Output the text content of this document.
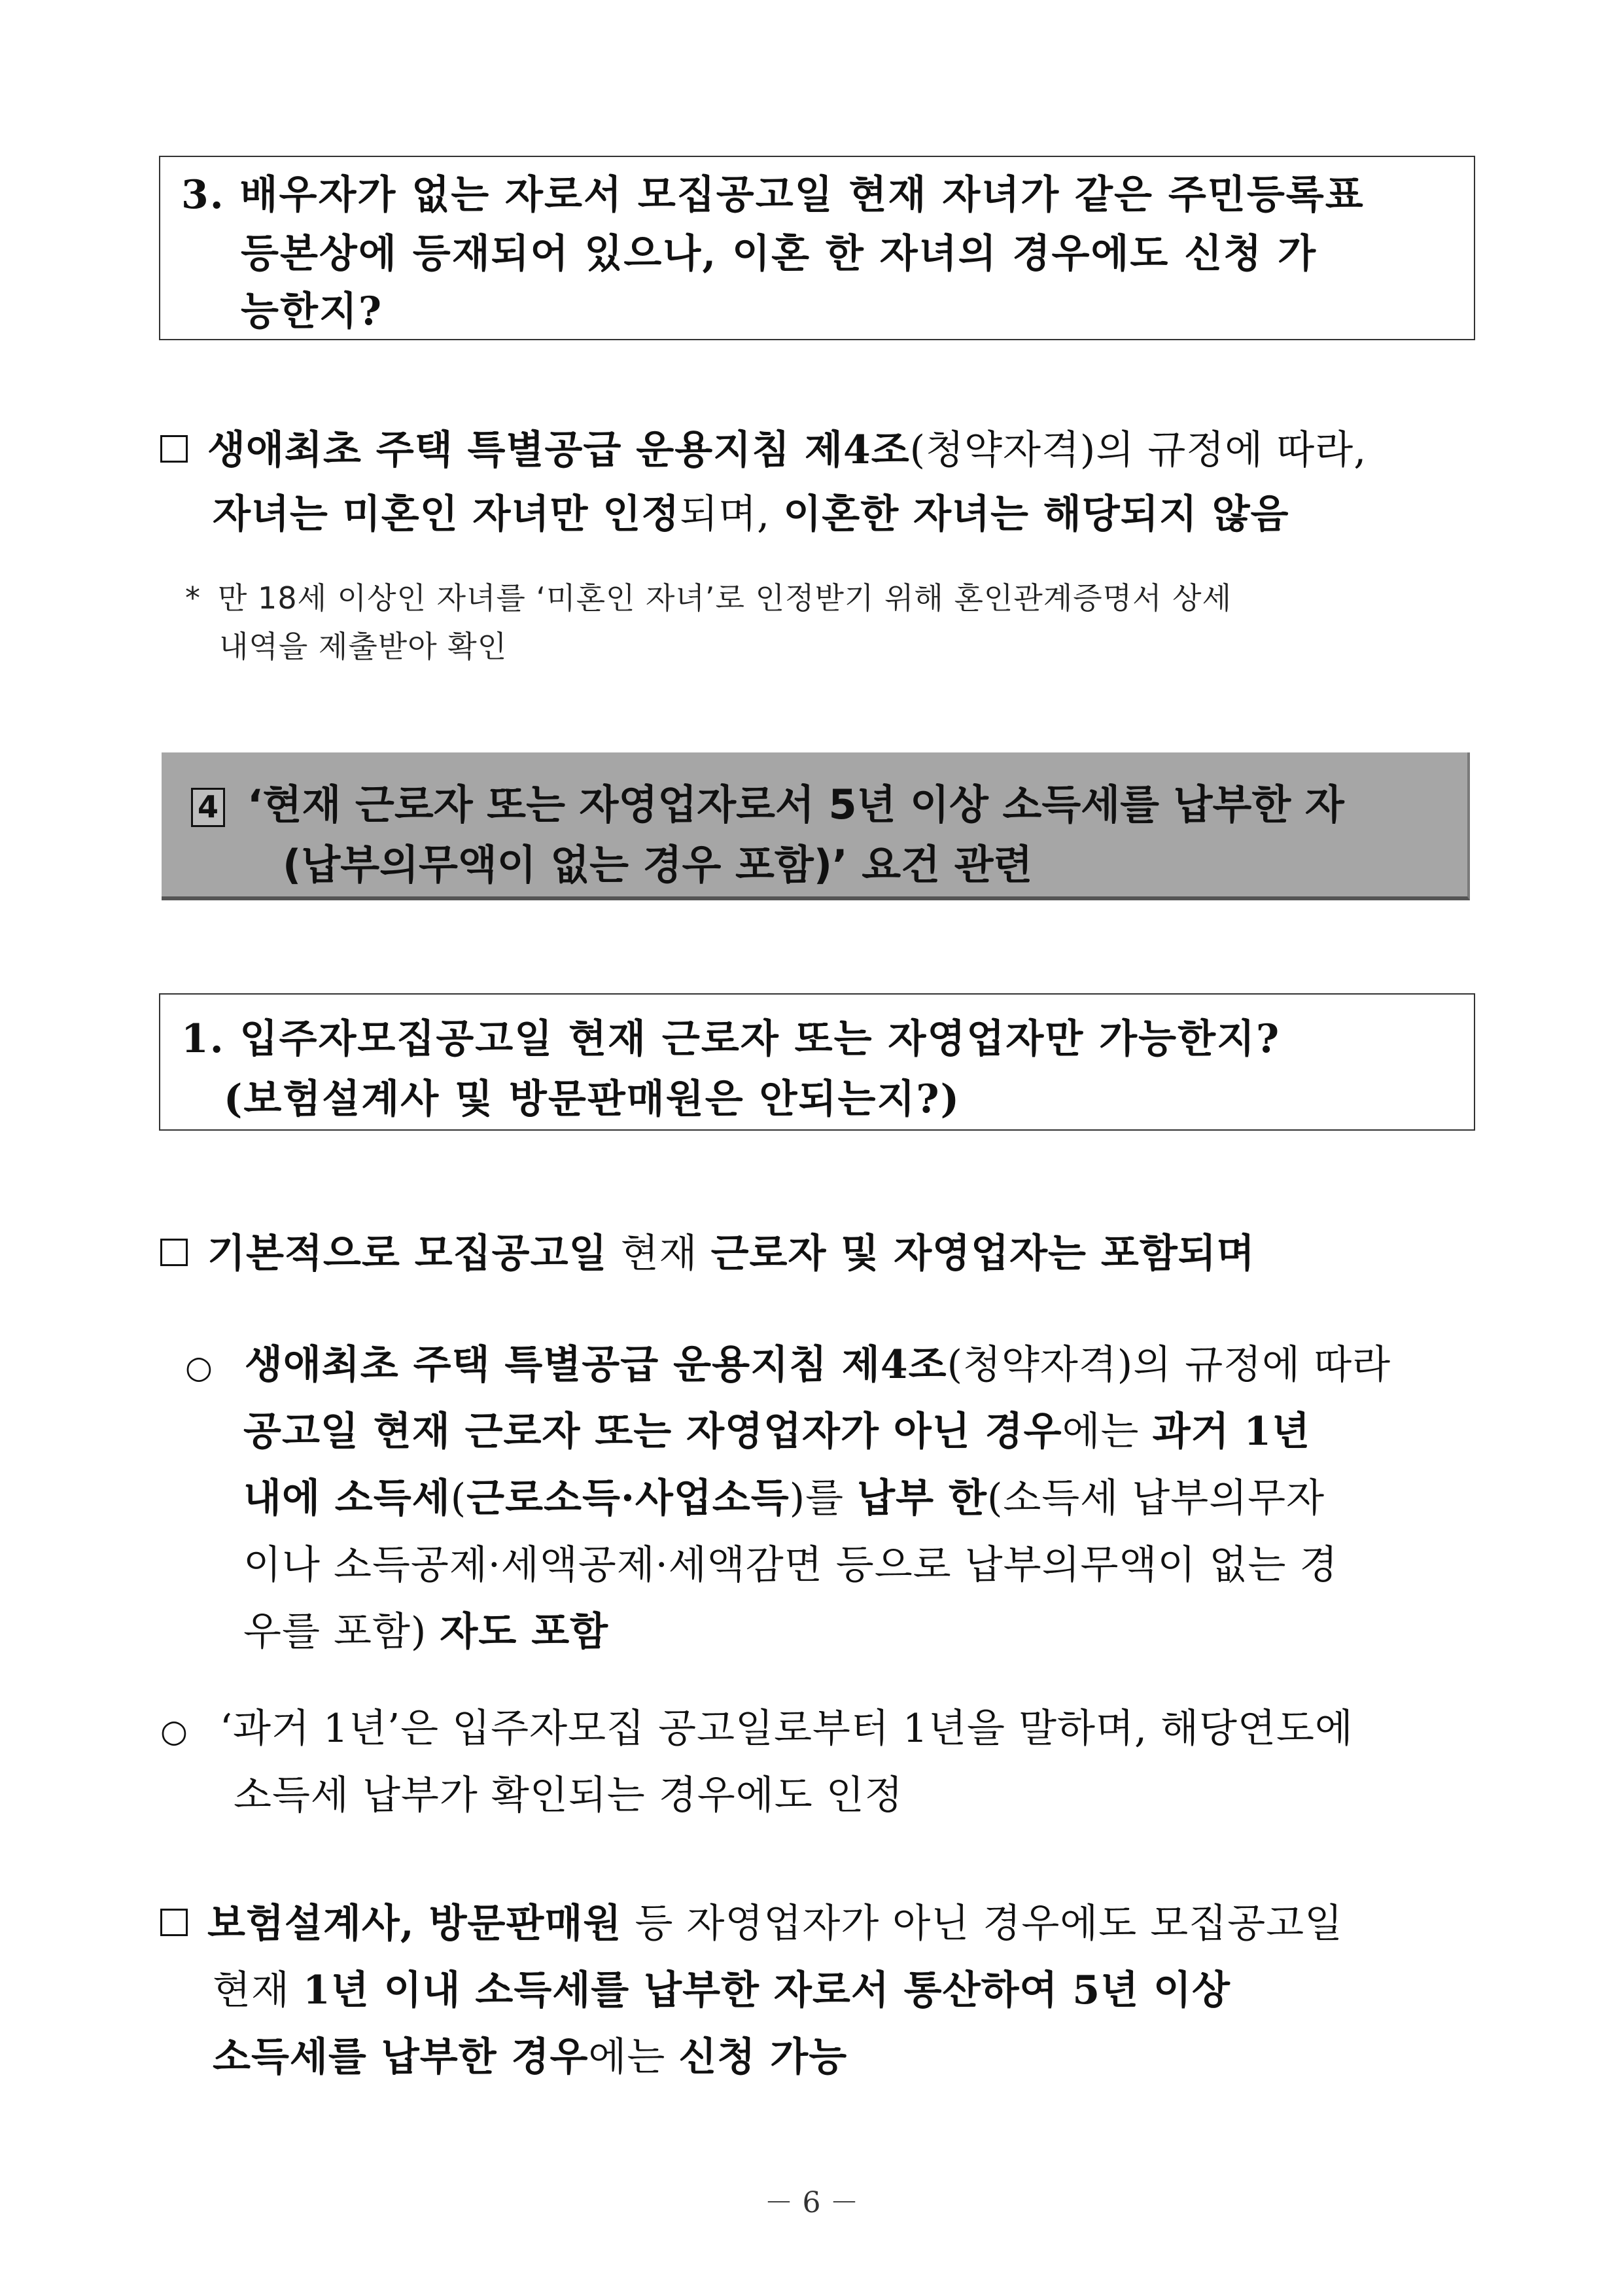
3. 배우자가 없는 자로서 모집공고일 현재 자녀가 같은 주민등록표
등본상에 등재되어 있으나, 이혼 한 자녀의 경우에도 신청 가
능한지?
생애최초 주택 특별공급 운용지침 제4조(청약자격)의 규정에 따라,
자녀는 미혼인 자녀만 인정되며, 이혼한 자녀는 해당되지 않음
* 만 18세 이상인 자녀를 ‘미혼인 자녀’로 인정받기 위해 혼인관계증명서 상세
내역을 제출받아 확인
4 ‘현재 근로자 또는 자영업자로서 5년 이상 소득세를 납부한 자
(납부의무액이 없는 경우 포함)’ 요건 관련
1. 입주자모집공고일 현재 근로자 또는 자영업자만 가능한지?
(보험설계사 및 방문판매원은 안되는지?)
기본적으로 모집공고일 현재 근로자 및 자영업자는 포함되며
○ 생애최초 주택 특별공급 운용지침 제4조(청약자격)의 규정에 따라
공고일 현재 근로자 또는 자영업자가 아닌 경우에는 과거 1년
내에 소득세(근로소득·사업소득)를 납부 한(소득세 납부의무자
이나 소득공제·세액공제·세액감면 등으로 납부의무액이 없는 경
우를 포함) 자도 포함
○ ‘과거 1년’은 입주자모집 공고일로부터 1년을 말하며, 해당연도에
소득세 납부가 확인되는 경우에도 인정
보험설계사, 방문판매원 등 자영업자가 아닌 경우에도 모집공고일
현재 1년 이내 소득세를 납부한 자로서 통산하여 5년 이상
소득세를 납부한 경우에는 신청 가능
－ 6 －
